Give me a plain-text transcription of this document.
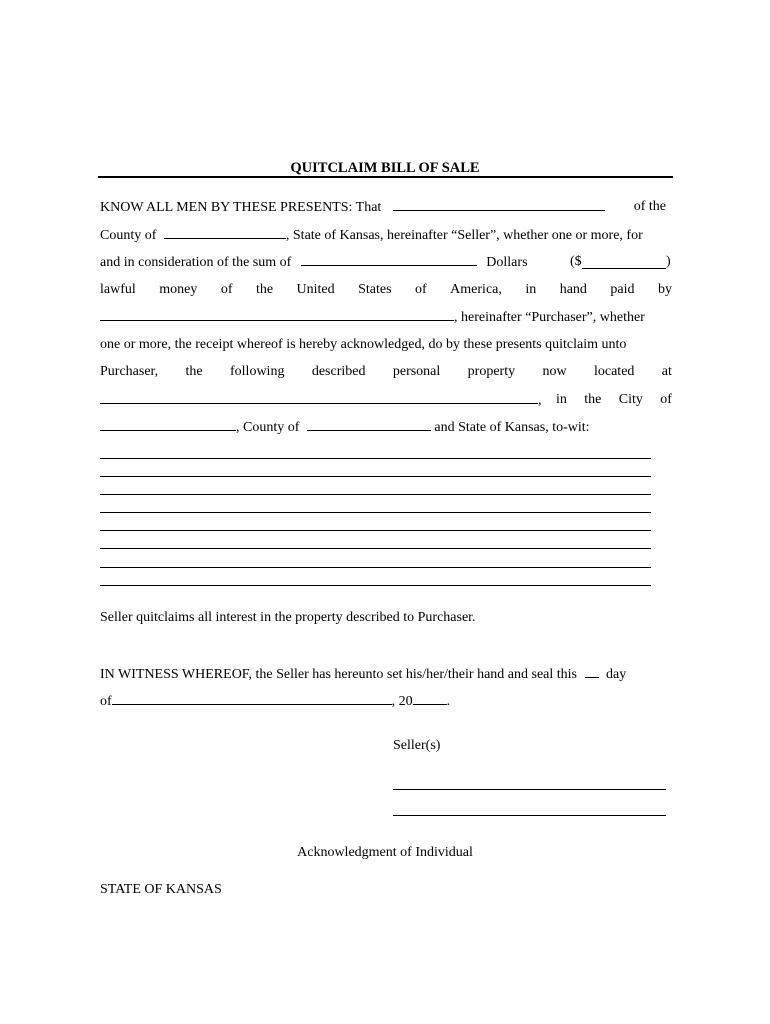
QUITCLAIM BILL OF SALE
KNOW ALL MEN BY THESE PRESENTS: That	of the
County of	, State of Kansas, hereinafter “Seller”, whether one or more, for
and in consideration of the sum of	Dollars	($	)
lawful money of the United States of America, in hand paid by
, hereinafter “Purchaser”, whether
one or more, the receipt whereof is hereby acknowledged, do by these presents quitclaim unto
Purchaser, the following described personal property now located at
, in the City of
, County of	and State of Kansas, to-wit:
Seller quitclaims all interest in the property described to Purchaser.
IN WITNESS WHEREOF, the Seller has hereunto set his/her/their hand and seal this day
of	, 20 .
Seller(s)
Acknowledgment of Individual
STATE OF KANSAS
